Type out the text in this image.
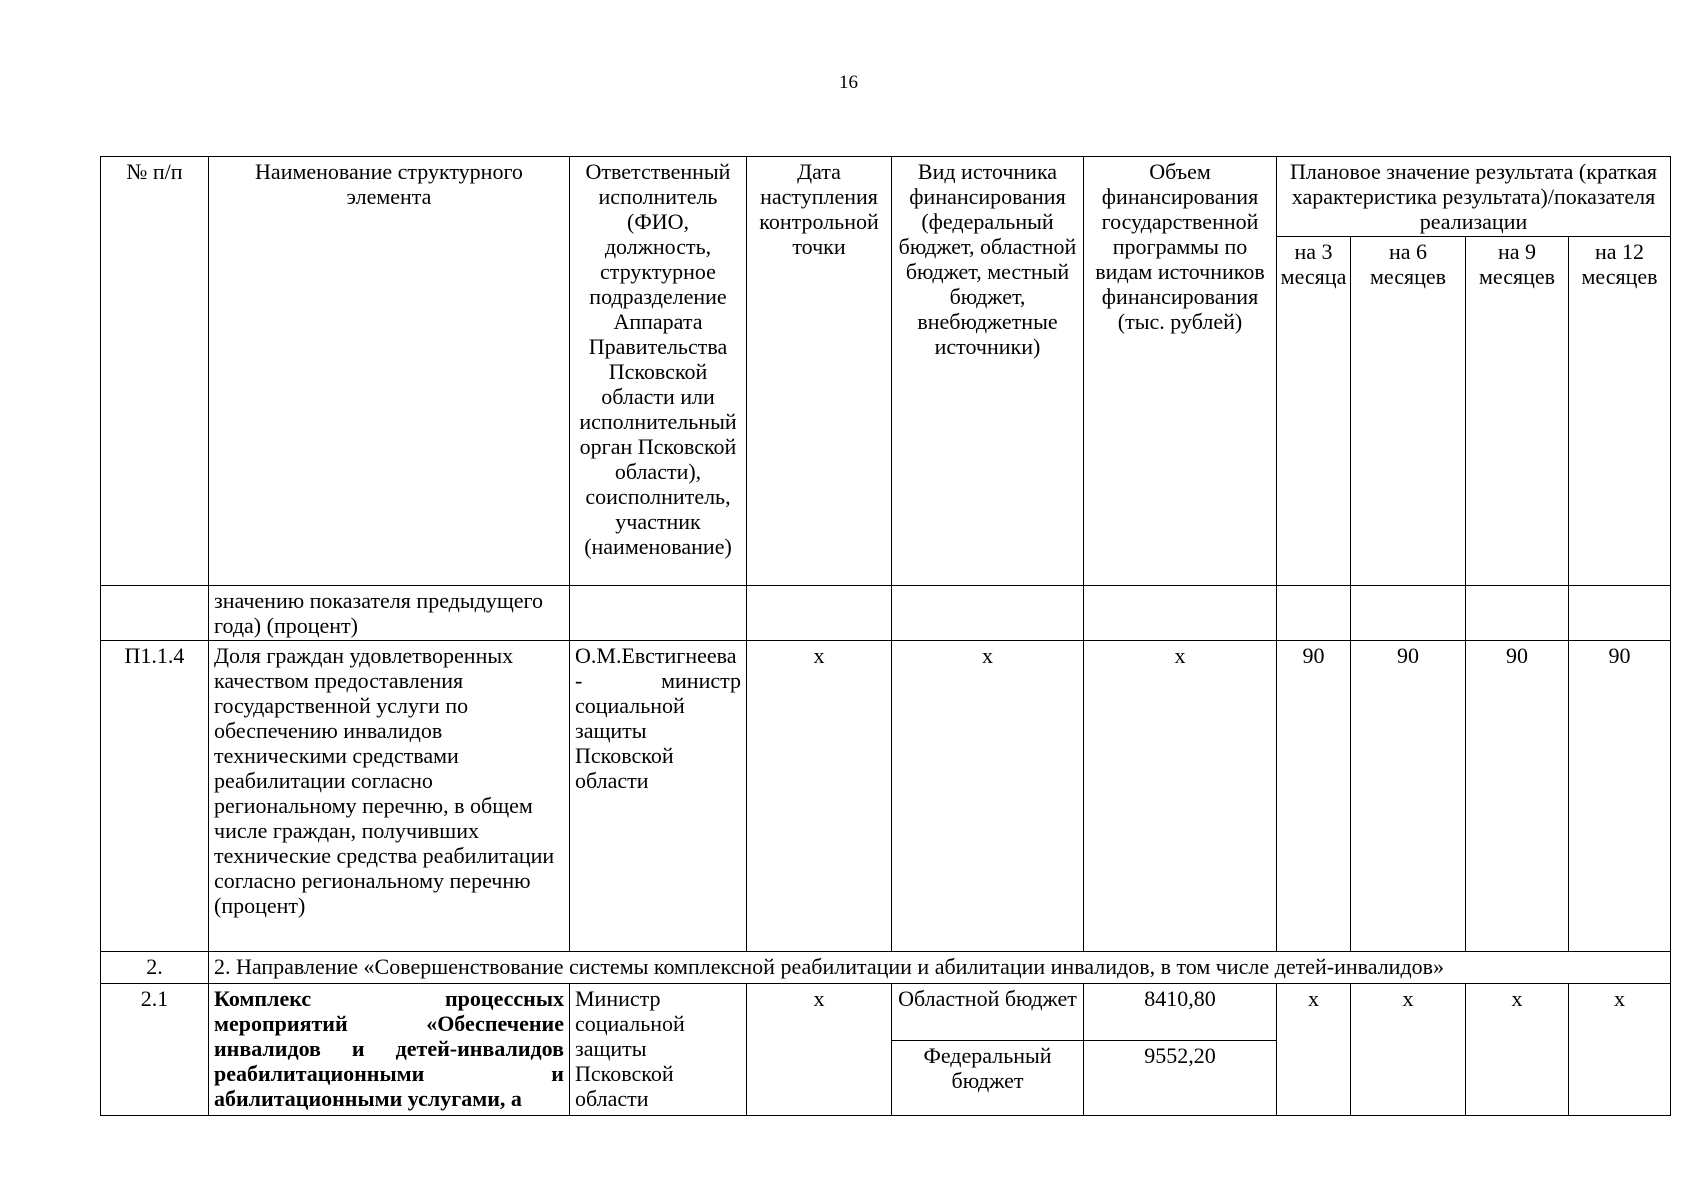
16
№ п/п	Наименование структурного элемента	Ответственный исполнитель (ФИО, должность, структурное подразделение Аппарата Правительства Псковской области или исполнительный орган Псковской области), соисполнитель, участник (наименование)	Дата наступления контрольной точки	Вид источника финансирования (федеральный бюджет, областной бюджет, местный бюджет, внебюджетные источники)	Объем финансирования государственной программы по видам источников финансирования (тыс. рублей)	Плановое значение результата (краткая характеристика результата)/показателя реализации			
						на 3 месяца	на 6 месяцев	на 9 месяцев	на 12 месяцев
	значению показателя предыдущего года) (процент)								
П1.1.4	Доля граждан удовлетворенных качеством предоставления государственной услуги по обеспечению инвалидов техническими средствами реабилитации согласно региональному перечню, в общем числе граждан, получивших технические средства реабилитации согласно региональному перечню (процент)	О.М.Евстигнеева - министр социальной защиты Псковской области	х	х	х	90	90	90	90
2.	2. Направление «Совершенствование системы комплексной реабилитации и абилитации инвалидов, в том числе детей-инвалидов»								
2.1	Комплекс процессных мероприятий «Обеспечение инвалидов и детей-инвалидов реабилитационными и абилитационными услугами, а	Министр социальной защиты Псковской области	х	Областной бюджет	8410,80	х	х	х	х
				Федеральный бюджет	9552,20				
